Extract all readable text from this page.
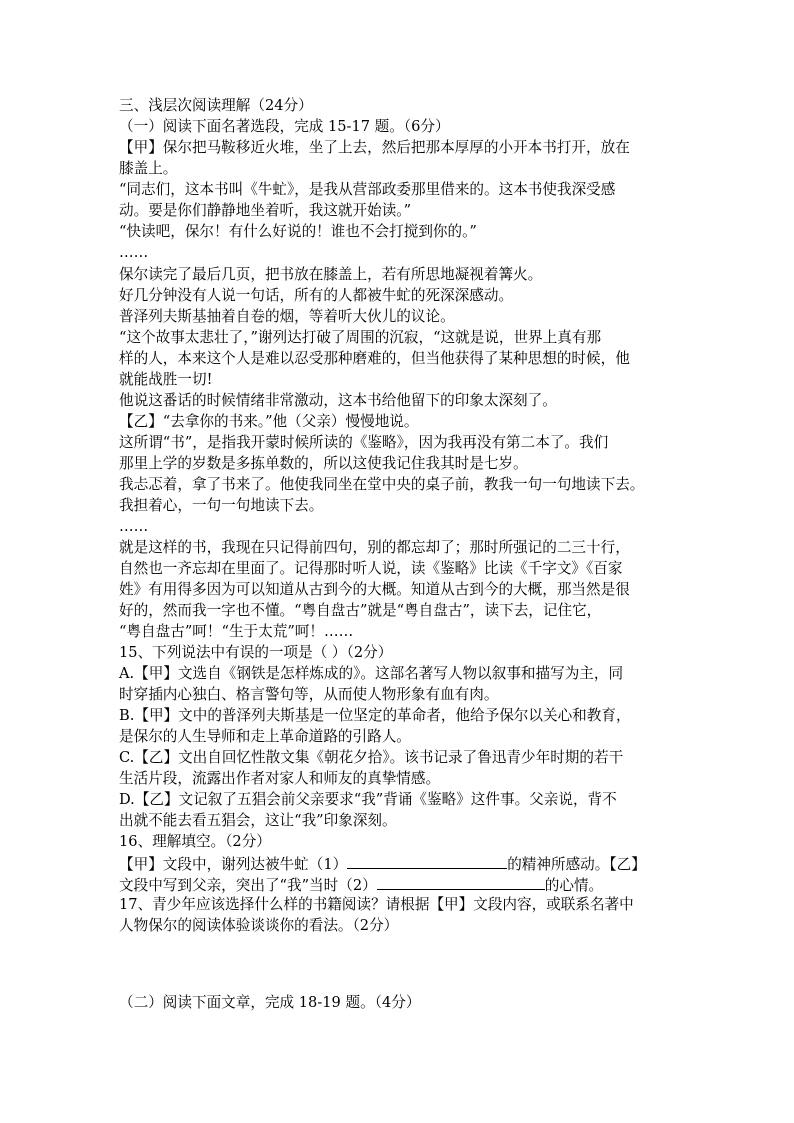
三、浅层次阅读理解（24分）
（一）阅读下面名著选段，完成 15-17 题。（6分）
【甲】保尔把马鞍移近火堆，坐了上去，然后把那本厚厚的小开本书打开，放在
膝盖上。
“同志们，这本书叫《牛虻》，是我从营部政委那里借来的。这本书使我深受感
动。要是你们静静地坐着听，我这就开始读。”
“快读吧，保尔！有什么好说的！谁也不会打搅到你的。”
……
保尔读完了最后几页，把书放在膝盖上，若有所思地凝视着篝火。
好几分钟没有人说一句话，所有的人都被牛虻的死深深感动。
普泽列夫斯基抽着自卷的烟，等着听大伙儿的议论。
“这个故事太悲壮了，”谢列达打破了周围的沉寂，“这就是说，世界上真有那
样的人，本来这个人是难以忍受那种磨难的，但当他获得了某种思想的时候，他
就能战胜一切!
他说这番话的时候情绪非常激动，这本书给他留下的印象太深刻了。
【乙】“去拿你的书来。”他（父亲）慢慢地说。
这所谓“书”，是指我开蒙时候所读的《鉴略》，因为我再没有第二本了。我们
那里上学的岁数是多拣单数的，所以这使我记住我其时是七岁。
我忐忑着，拿了书来了。他使我同坐在堂中央的桌子前，教我一句一句地读下去。
我担着心，一句一句地读下去。
……
就是这样的书，我现在只记得前四句，别的都忘却了；那时所强记的二三十行，
自然也一齐忘却在里面了。记得那时听人说，读《鉴略》比读《千字文》《百家
姓》有用得多因为可以知道从古到今的大概。知道从古到今的大概，那当然是很
好的，然而我一字也不懂。“粤自盘古”就是“粤自盘古”，读下去，记住它，
“粤自盘古”呵！“生于太荒”呵！……
15、下列说法中有误的一项是（ ）（2分）
A.【甲】文选自《钢铁是怎样炼成的》。这部名著写人物以叙事和描写为主，同
时穿插内心独白、格言警句等，从而使人物形象有血有肉。
B.【甲】文中的普泽列夫斯基是一位坚定的革命者，他给予保尔以关心和教育，
是保尔的人生导师和走上革命道路的引路人。
C.【乙】文出自回忆性散文集《朝花夕拾》。该书记录了鲁迅青少年时期的若干
生活片段，流露出作者对家人和师友的真挚情感。
D.【乙】文记叙了五猖会前父亲要求“我”背诵《鉴略》这件事。父亲说，背不
出就不能去看五猖会，这让“我”印象深刻。
16、理解填空。（2分）
【甲】文段中，谢列达被牛虻（1）	的精神所感动。【乙】
文段中写到父亲，突出了“我”当时（2）	的心情。
17、青少年应该选择什么样的书籍阅读？请根据【甲】文段内容，或联系名著中
人物保尔的阅读体验谈谈你的看法。（2分）
（二）阅读下面文章，完成 18-19 题。（4分）
